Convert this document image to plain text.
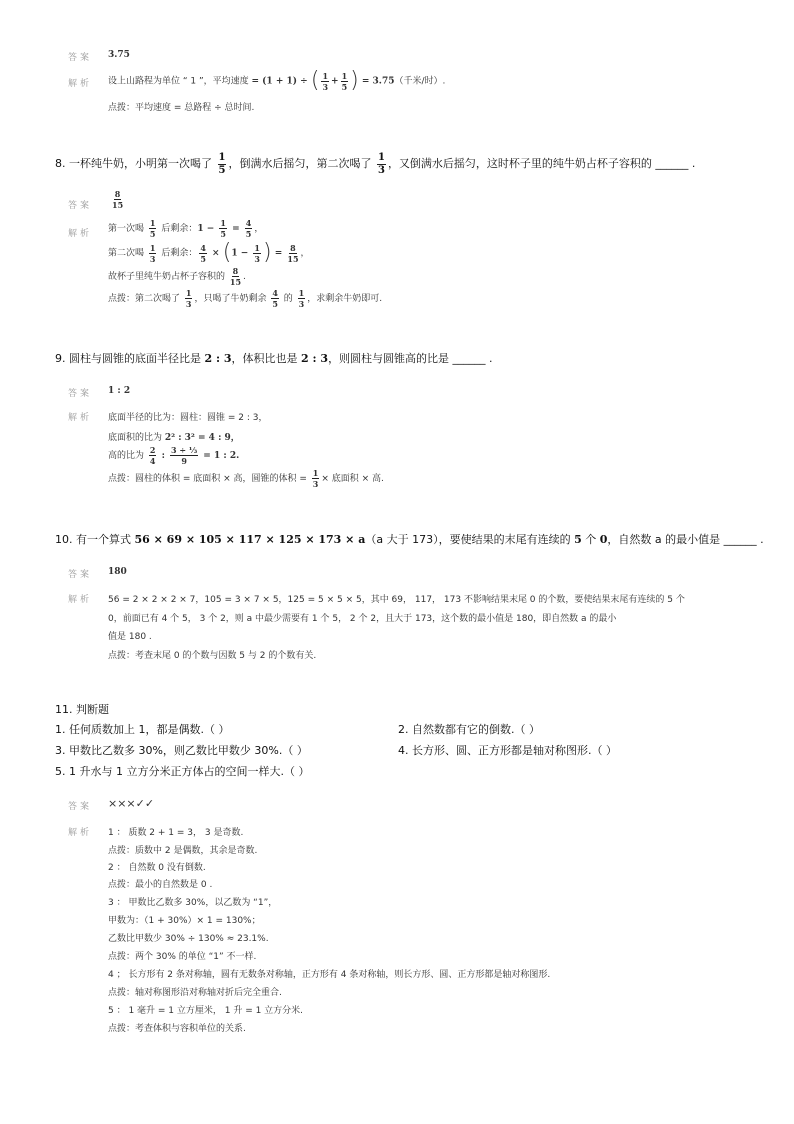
答案 3.75
解析 设上山路程为单位 “ 1 ”，平均速度 = (1 + 1) ÷ ( $\frac{1}{3} + \frac{1}{5}$ ) = 3.75（千米/时）.
点拨：平均速度 = 总路程 ÷ 总时间.
8. 一杯纯牛奶，小明第一次喝了 $\frac{1}{5}$ ，倒满水后摇匀，第二次喝了 $\frac{1}{3}$ ，又倒满水后摇匀，这时杯子里的纯牛奶占杯子容积的 ______ .
答案 $\frac{8}{15}$
解析 第一次喝 $\frac{1}{5}$ 后剩余：$1 - \frac{1}{5} = \frac{4}{5}$ ，
第二次喝 $\frac{1}{3}$ 后剩余： $\frac{4}{5} \times (1 - \frac{1}{3}$ ) = $\frac{8}{15}$ ，
故杯子里纯牛奶占杯子容积的 $\frac{8}{15}$ .
点拨：第二次喝了 $\frac{1}{3}$ ，只喝了牛奶剩余 $\frac{4}{5}$ 的 $\frac{1}{3}$ ，求剩余牛奶即可.
9. 圆柱与圆锥的底面半径比是 2 : 3，体积比也是 2 : 3，则圆柱与圆锥高的比是 ______ .
答案 1 : 2
解析 底面半径的比为：圆柱：圆锥 = 2 : 3，
底面积的比为 2² : 3² = 4 : 9，
高的比为 $\frac{2}{4}$ : $\frac{\text{3 ÷ ⅓}}{9} = 1$ : 2.
点拨：圆柱的体积 = 底面积 × 高，圆锥的体积 = $\frac{1}{3}$ × 底面积 × 高.
10. 有一个算式 56 × 69 × 105 × 117 × 125 × 173 × a（a 大于 173），要使结果的末尾有连续的 5 个 0，自然数 a 的最小值是 ______ .
答案 180
解析 56 = 2 × 2 × 2 × 7，105 = 3 × 7 × 5，125 = 5 × 5 × 5，其中 69， 117， 173 不影响结果末尾 0 的个数，要使结果末尾有连续的 5 个
0，前面已有 4 个 5， 3 个 2，则 a 中最少需要有 1 个 5， 2 个 2，且大于 173，这个数的最小值是 180，即自然数 a 的最小
值是 180 .
点拨：考查末尾 0 的个数与因数 5 与 2 的个数有关.
11. 判断题
1. 任何质数加上 1，都是偶数.（ ）	2. 自然数都有它的倒数.（ ）
3. 甲数比乙数多 30%，则乙数比甲数少 30%.（ ）	4. 长方形、圆、正方形都是轴对称图形.（ ）
5. 1 升水与 1 立方分米正方体占的空间一样大.（ ）
答案 ×××✓✓
解析 1 ： 质数 2 + 1 = 3， 3 是奇数.
点拨：质数中 2 是偶数，其余是奇数.
2 ： 自然数 0 没有倒数.
点拨：最小的自然数是 0 .
3 ： 甲数比乙数多 30%，以乙数为 “1”，
甲数为：（1 + 30%）× 1 = 130%；
乙数比甲数少 30% ÷ 130% ≈ 23.1%.
点拨：两个 30% 的单位 “1” 不一样.
4 ； 长方形有 2 条对称轴，圆有无数条对称轴，正方形有 4 条对称轴，则长方形、圆、正方形都是轴对称图形.
点拨：轴对称图形沿对称轴对折后完全重合.
5 ： 1 毫升 = 1 立方厘米， 1 升 = 1 立方分米.
点拨：考查体积与容积单位的关系.
